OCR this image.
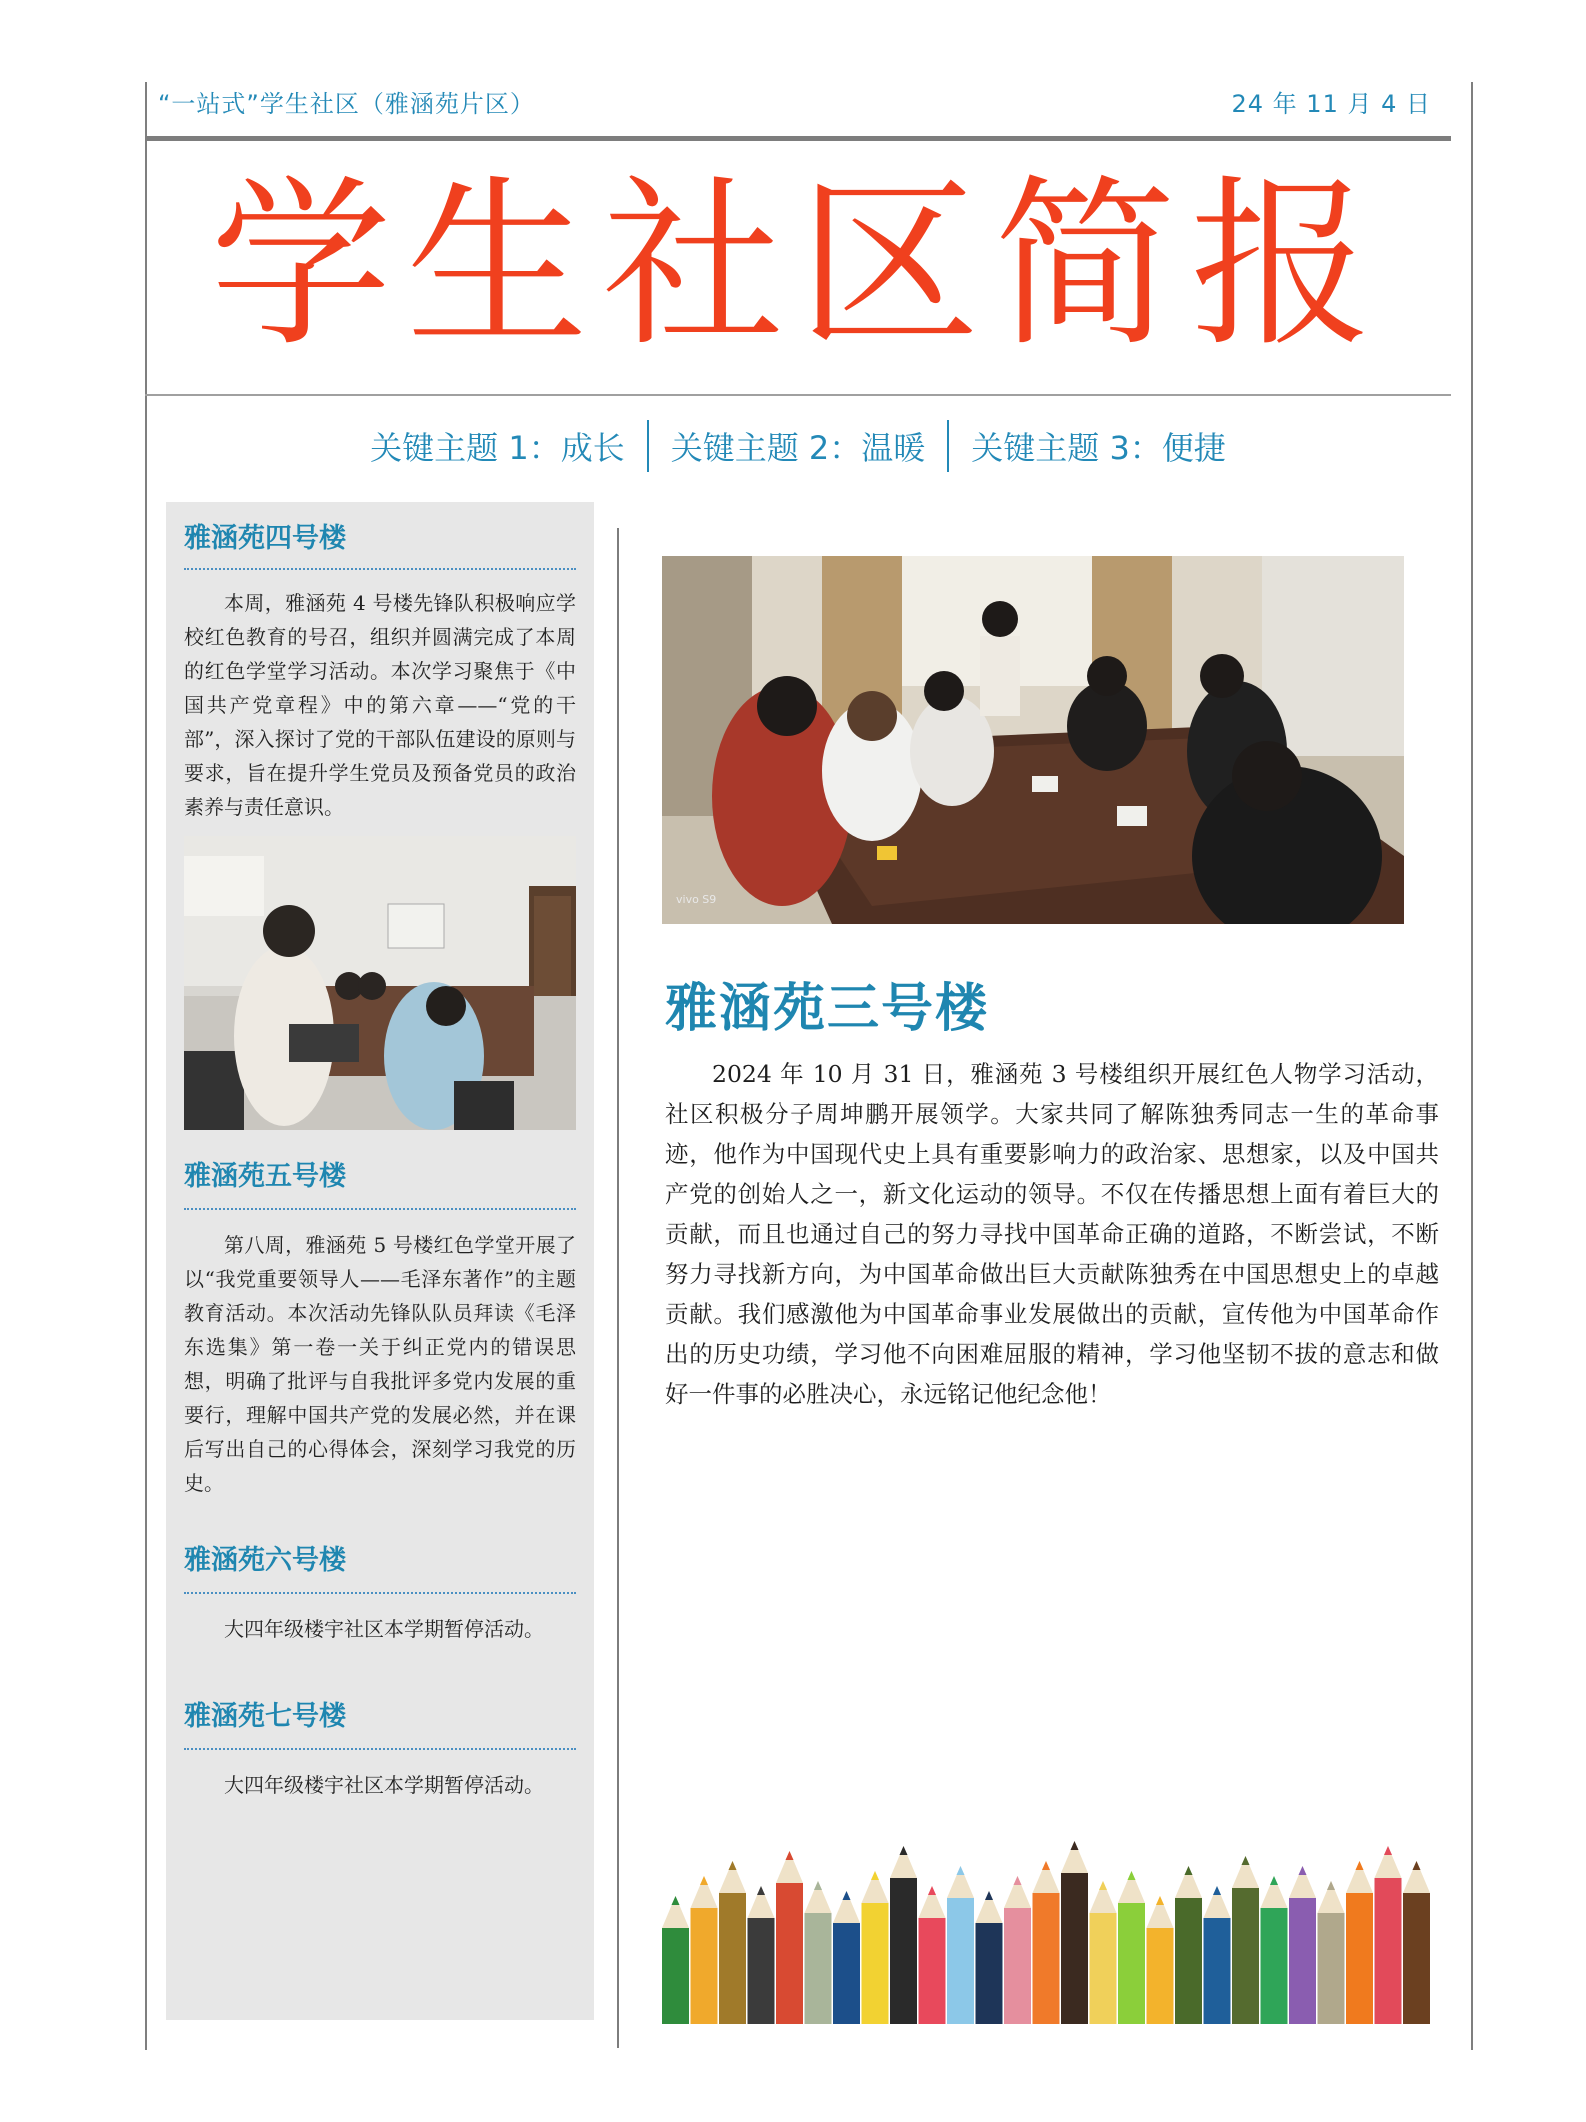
“一站式”学生社区（雅涵苑片区）	24 年 11 月 4 日
学生社区简报
关键主题 1：成长	关键主题 2：温暖	关键主题 3：便捷
雅涵苑四号楼
本周，雅涵苑 4 号楼先锋队积极响应学校红色教育的号召，组织并圆满完成了本周的红色学堂学习活动。本次学习聚焦于《中国共产党章程》中的第六章——“党的干部”，深入探讨了党的干部队伍建设的原则与要求，旨在提升学生党员及预备党员的政治素养与责任意识。
雅涵苑五号楼
第八周，雅涵苑 5 号楼红色学堂开展了以“我党重要领导人——毛泽东著作”的主题教育活动。本次活动先锋队队员拜读《毛泽东选集》第一卷一关于纠正党内的错误思想，明确了批评与自我批评多党内发展的重要行，理解中国共产党的发展必然，并在课后写出自己的心得体会，深刻学习我党的历史。
雅涵苑六号楼
大四年级楼宇社区本学期暂停活动。
雅涵苑七号楼
大四年级楼宇社区本学期暂停活动。
vivo S9
雅涵苑三号楼
2024 年 10 月 31 日，雅涵苑 3 号楼组织开展红色人物学习活动，社区积极分子周坤鹏开展领学。大家共同了解陈独秀同志一生的革命事迹，他作为中国现代史上具有重要影响力的政治家、思想家，以及中国共产党的创始人之一，新文化运动的领导。不仅在传播思想上面有着巨大的贡献，而且也通过自己的努力寻找中国革命正确的道路，不断尝试，不断努力寻找新方向，为中国革命做出巨大贡献陈独秀在中国思想史上的卓越贡献。我们感激他为中国革命事业发展做出的贡献，宣传他为中国革命作出的历史功绩，学习他不向困难屈服的精神，学习他坚韧不拔的意志和做好一件事的必胜决心，永远铭记他纪念他！
